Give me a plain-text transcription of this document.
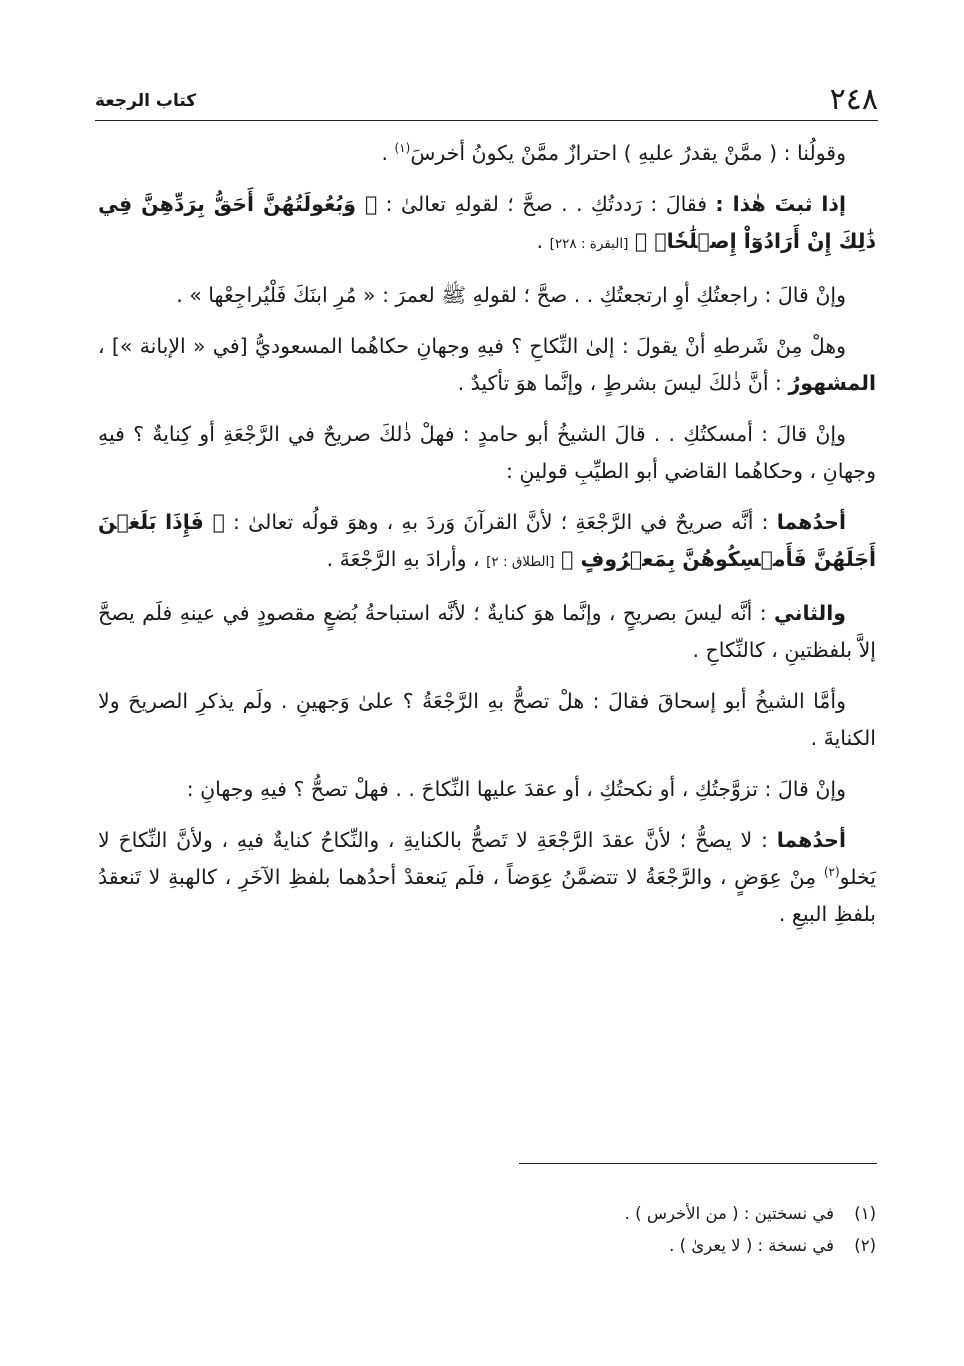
٢٤٨
كتاب الرجعة

وقولُنا : ( ممَّنْ يقدرُ عليهِ ) احترازٌ ممَّنْ يكونُ أخرسَ$^{(١)}$ .

إذا ثبتَ هٰذا : فقالَ : رَددتُكِ . . صحَّ ؛ لقولهِ تعالىٰ : ﴿ وَبُعُولَتُهُنَّ أَحَقُّ بِرَدِّهِنَّ فِي ذَٰلِكَ إِنْ أَرَادُوٓاْ إِصۡلَٰحٗاۚ ﴾ [البقرة : ٢٢٨] .

وإنْ قالَ : راجعتُكِ أوِ ارتجعتُكِ . . صحَّ ؛ لقولهِ ﷺ لعمرَ : « مُرِ ابنَكَ فَلْيُراجِعْها » .

وهلْ مِنْ شَرطهِ أنْ يقولَ : إلىٰ النِّكاحِ ؟ فيهِ وجهانِ حكاهُما المسعوديُّ [في « الإبانة »] ، المشهورُ : أنَّ ذٰلكَ ليسَ بشرطٍ ، وإنَّما هوَ تأكيدٌ .

وإنْ قالَ : أمسكتُكِ . . قالَ الشيخُ أبو حامدٍ : فهلْ ذٰلكَ صريحٌ في الرَّجْعَةِ أو كِنايةٌ ؟ فيهِ وجهانِ ، وحكاهُما القاضي أبو الطيِّبِ قولينِ :

أحدُهما : أنَّه صريحٌ في الرَّجْعَةِ ؛ لأنَّ القرآنَ وَردَ بهِ ، وهوَ قولُه تعالىٰ : ﴿ فَإِذَا بَلَغۡنَ أَجَلَهُنَّ فَأَمۡسِكُوهُنَّ بِمَعۡرُوفٍ ﴾ [الطلاق : ٢] ، وأرادَ بهِ الرَّجْعَةَ .

والثاني : أنَّه ليسَ بصريحٍ ، وإنَّما هوَ كنايةٌ ؛ لأنَّه استباحةُ بُضعٍ مقصودٍ في عينهِ فلَم يصحَّ إلاَّ بلفظتينِ ، كالنِّكاحِ .

وأمَّا الشيخُ أبو إسحاقَ فقالَ : هلْ تصحُّ بهِ الرَّجْعَةُ ؟ علىٰ وَجهينِ . ولَم يذكرِ الصريحَ ولا الكنايةَ .

وإنْ قالَ : تزوَّجتُكِ ، أو نكحتُكِ ، أو عقدَ عليها النِّكاحَ . . فهلْ تصحُّ ؟ فيهِ وجهانِ :

أحدُهما : لا يصحُّ ؛ لأنَّ عقدَ الرَّجْعَةِ لا تَصحُّ بالكنايةِ ، والنِّكاحُ كنايةٌ فيهِ ، ولأنَّ النِّكاحَ لا يَخلو$^{(٢)}$ مِنْ عِوَضٍ ، والرَّجْعَةُ لا تتضمَّنُ عِوَضاً ، فلَم يَنعقدْ أحدُهما بلفظِ الآخَرِ ، كالهبةِ لا تَنعقدُ بلفظِ البيعِ .

(١)في نسختين : ( من الأخرس ) .
(٢)في نسخة : ( لا يعرىٰ ) .
